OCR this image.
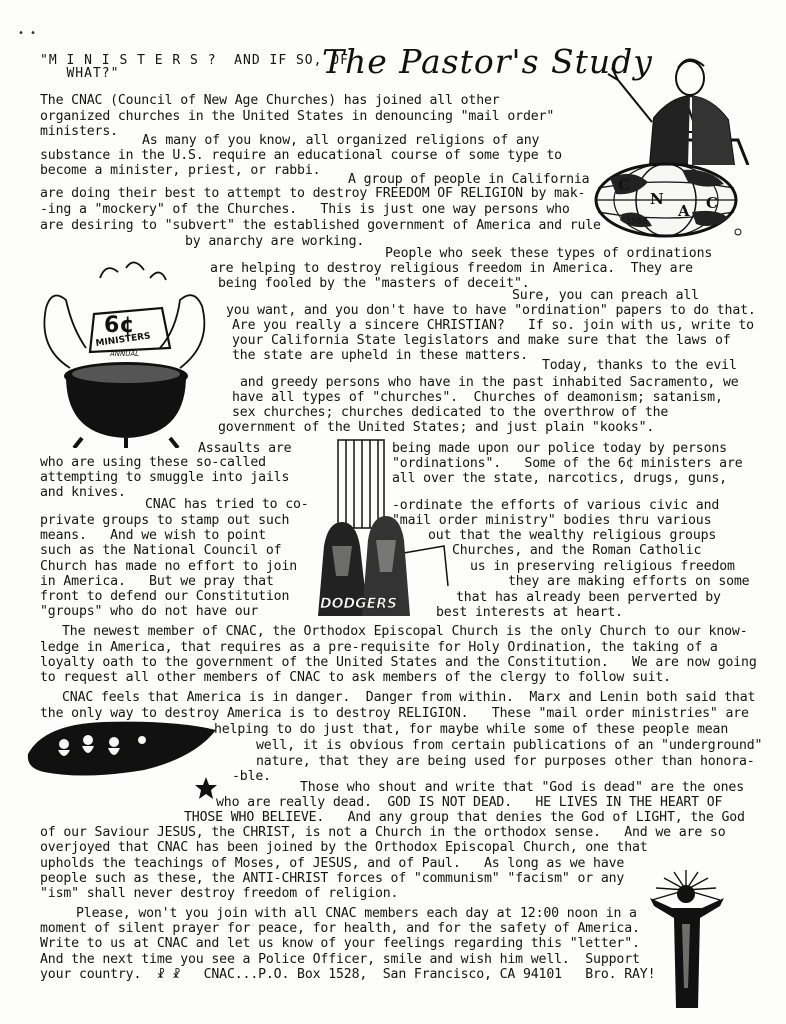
"M I N I S T E R S ?  AND IF SO, OF
WHAT?"	The Pastor's Study
C
N
A C
1968
6¢
MINISTERS
ANNUAL
DODGERS
• •
The CNAC (Council of New Age Churches) has joined all other
organized churches in the United States in denouncing "mail order"
ministers.
As many of you know, all organized religions of any
substance in the U.S. require an educational course of some type to
become a minister, priest, or rabbi.
A group of people in California
are doing their best to attempt to destroy FREEDOM OF RELIGION by mak-
-ing a "mockery" of the Churches.   This is just one way persons who
are desiring to "subvert" the established government of America and rule
by anarchy are working.
People who seek these types of ordinations
are helping to destroy religious freedom in America.  They are
being fooled by the "masters of deceit".
Sure, you can preach all
you want, and you don't have to have "ordination" papers to do that.
Are you really a sincere CHRISTIAN?   If so. join with us, write to
your California State legislators and make sure that the laws of
the state are upheld in these matters.
Today, thanks to the evil
and greedy persons who have in the past inhabited Sacramento, we
have all types of "churches".  Churches of deamonism; satanism,
sex churches; churches dedicated to the overthrow of the
government of the United States; and just plain "kooks".
Assaults are
who are using these so-called
attempting to smuggle into jails
and knives.
CNAC has tried to co-
private groups to stamp out such
means.   And we wish to point
such as the National Council of
Church has made no effort to join
in America.   But we pray that
front to defend our Constitution
"groups" who do not have our
being made upon our police today by persons
"ordinations".   Some of the 6¢ ministers are
all over the state, narcotics, drugs, guns,
-ordinate the efforts of various civic and
"mail order ministry" bodies thru various
out that the wealthy religious groups
Churches, and the Roman Catholic
us in preserving religious freedom
they are making efforts on some
that has already been perverted by
best interests at heart.
The newest member of CNAC, the Orthodox Episcopal Church is the only Church to our know-
ledge in America, that requires as a pre-requisite for Holy Ordination, the taking of a
loyalty oath to the government of the United States and the Constitution.   We are now going
to request all other members of CNAC to ask members of the clergy to follow suit.
CNAC feels that America is in danger.  Danger from within.  Marx and Lenin both said that
the only way to destroy America is to destroy RELIGION.   These "mail order ministries" are
helping to do just that, for maybe while some of these people mean
well, it is obvious from certain publications of an "underground"
nature, that they are being used for purposes other than honora-
-ble.
Those who shout and write that "God is dead" are the ones
who are really dead.  GOD IS NOT DEAD.   HE LIVES IN THE HEART OF
THOSE WHO BELIEVE.   And any group that denies the God of LIGHT, the God
of our Saviour JESUS, the CHRIST, is not a Church in the orthodox sense.   And we are so
overjoyed that CNAC has been joined by the Orthodox Episcopal Church, one that
upholds the teachings of Moses, of JESUS, and of Paul.   As long as we have
people such as these, the ANTI-CHRIST forces of "communism" "facism" or any
"ism" shall never destroy freedom of religion.
Please, won't you join with all CNAC members each day at 12:00 noon in a
moment of silent prayer for peace, for health, and for the safety of America.
Write to us at CNAC and let us know of your feelings regarding this "letter".
And the next time you see a Police Officer, smile and wish him well.  Support
your country.  ☧ ☧   CNAC...P.O. Box 1528,  San Francisco, CA 94101   Bro. RAY!
